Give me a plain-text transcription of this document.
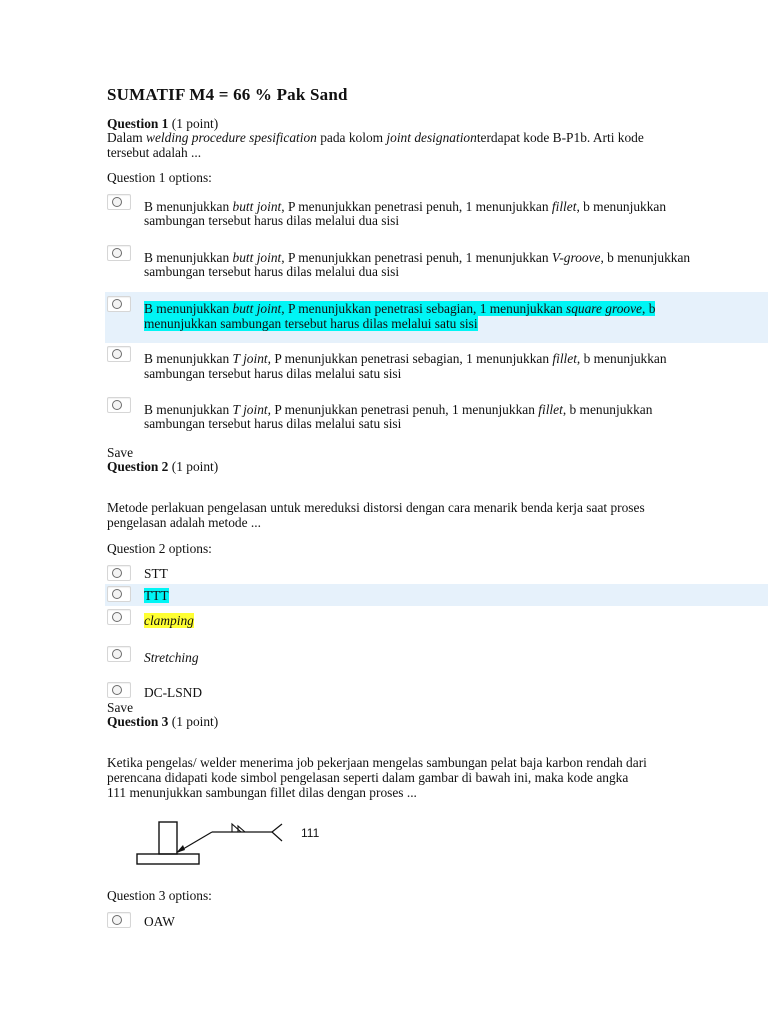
SUMATIF M4 = 66 % Pak Sand
Question 1 (1 point)
Dalam welding procedure spesification pada kolom joint designationterdapat kode B-P1b. Arti kode
tersebut adalah ...
Question 1 options:
B menunjukkan butt joint, P menunjukkan penetrasi penuh, 1 menunjukkan fillet, b menunjukkan
sambungan tersebut harus dilas melalui dua sisi
B menunjukkan butt joint, P menunjukkan penetrasi penuh, 1 menunjukkan V-groove, b menunjukkan
sambungan tersebut harus dilas melalui dua sisi
B menunjukkan butt joint, P menunjukkan penetrasi sebagian, 1 menunjukkan square groove, b
menunjukkan sambungan tersebut harus dilas melalui satu sisi
B menunjukkan T joint, P menunjukkan penetrasi sebagian, 1 menunjukkan fillet, b menunjukkan
sambungan tersebut harus dilas melalui satu sisi
B menunjukkan T joint, P menunjukkan penetrasi penuh, 1 menunjukkan fillet, b menunjukkan
sambungan tersebut harus dilas melalui satu sisi
Save
Question 2 (1 point)
Metode perlakuan pengelasan untuk mereduksi distorsi dengan cara menarik benda kerja saat proses
pengelasan adalah metode ...
Question 2 options:
STT
TTT
clamping
Stretching
DC-LSND
Save
Question 3 (1 point)
Ketika pengelas/ welder menerima job pekerjaan mengelas sambungan pelat baja karbon rendah dari
perencana didapati kode simbol pengelasan seperti dalam gambar di bawah ini, maka kode angka
111 menunjukkan sambungan fillet dilas dengan proses ...
111
Question 3 options:
OAW
